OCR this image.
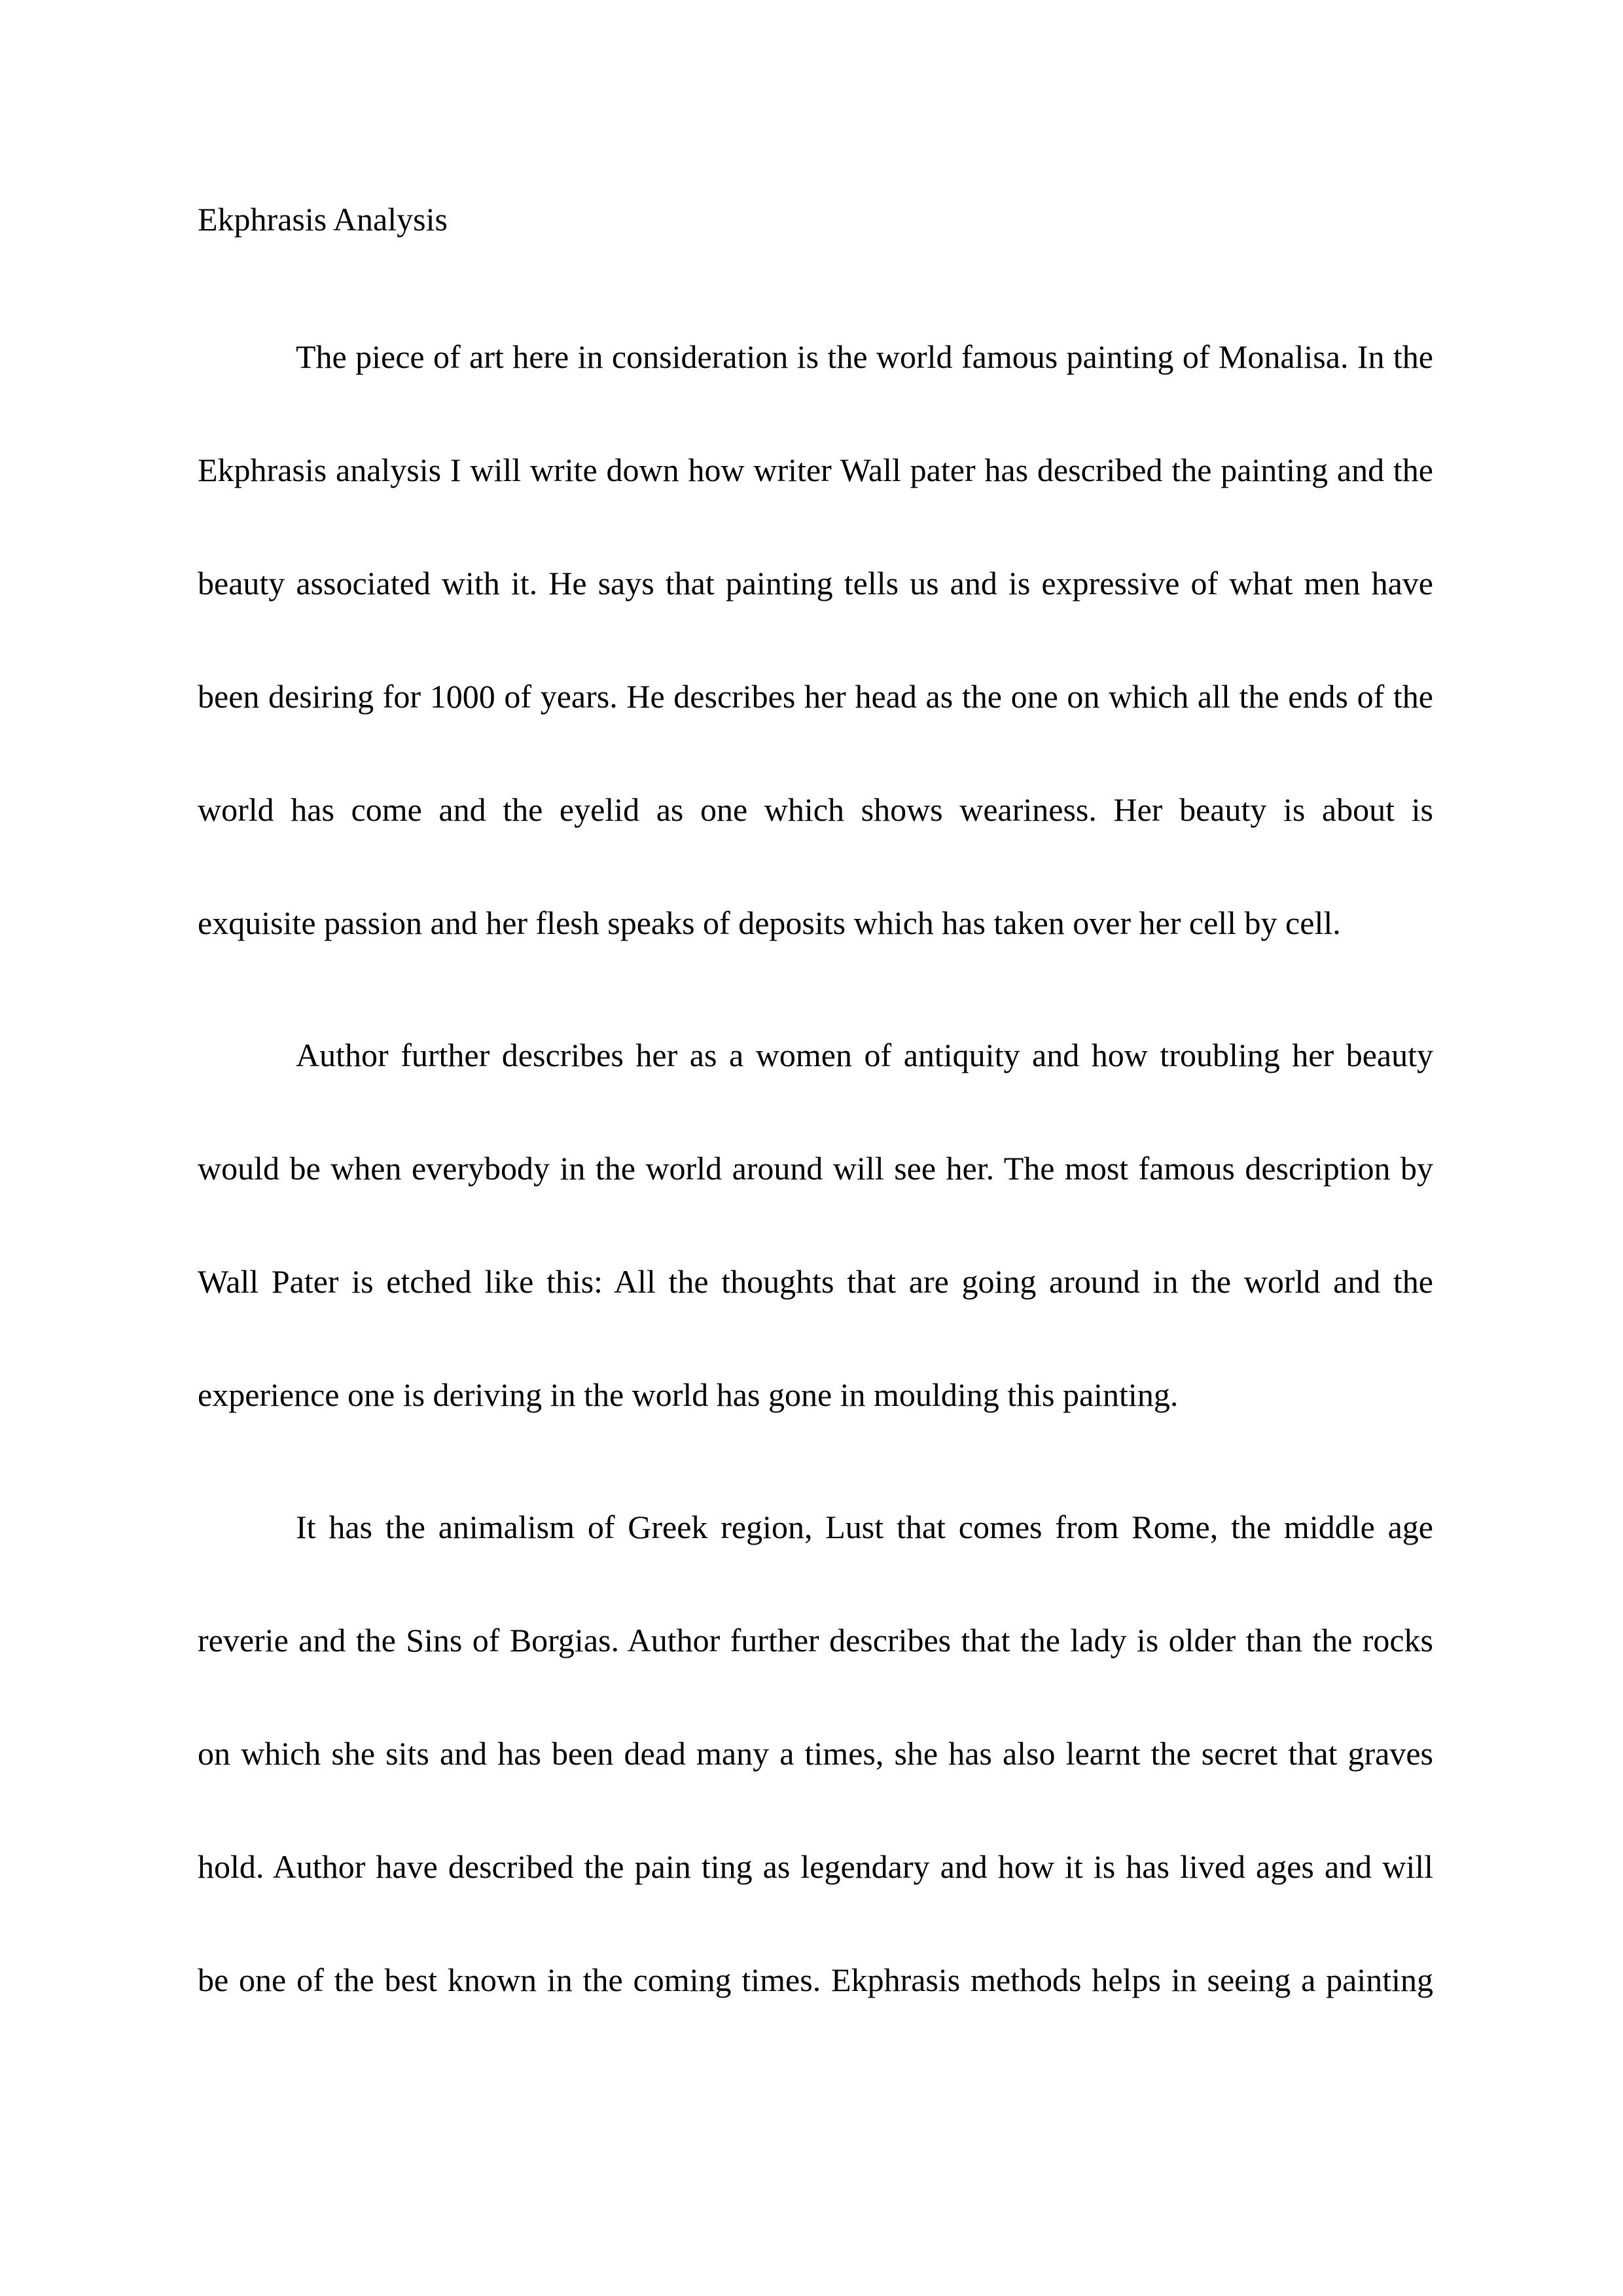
Ekphrasis Analysis
The piece of art here in consideration is the world famous painting of Monalisa. In the
Ekphrasis analysis I will write down how writer Wall pater has described the painting and the
beauty associated with it. He says that painting tells us and is expressive of what men have
been desiring for 1000 of years. He describes her head as the one on which all the ends of the
world has come and the eyelid as one which shows weariness. Her beauty is about is
exquisite passion and her flesh speaks of deposits which has taken over her cell by cell.
Author further describes her as a women of antiquity and how troubling her beauty
would be when everybody in the world around will see her. The most famous description by
Wall Pater is etched like this: All the thoughts that are going around in the world and the
experience one is deriving in the world has gone in moulding this painting.
It has the animalism of Greek region, Lust that comes from Rome, the middle age
reverie and the Sins of Borgias. Author further describes that the lady is older than the rocks
on which she sits and has been dead many a times, she has also learnt the secret that graves
hold. Author have described the pain ting as legendary and how it is has lived ages and will
be one of the best known in the coming times. Ekphrasis methods helps in seeing a painting
